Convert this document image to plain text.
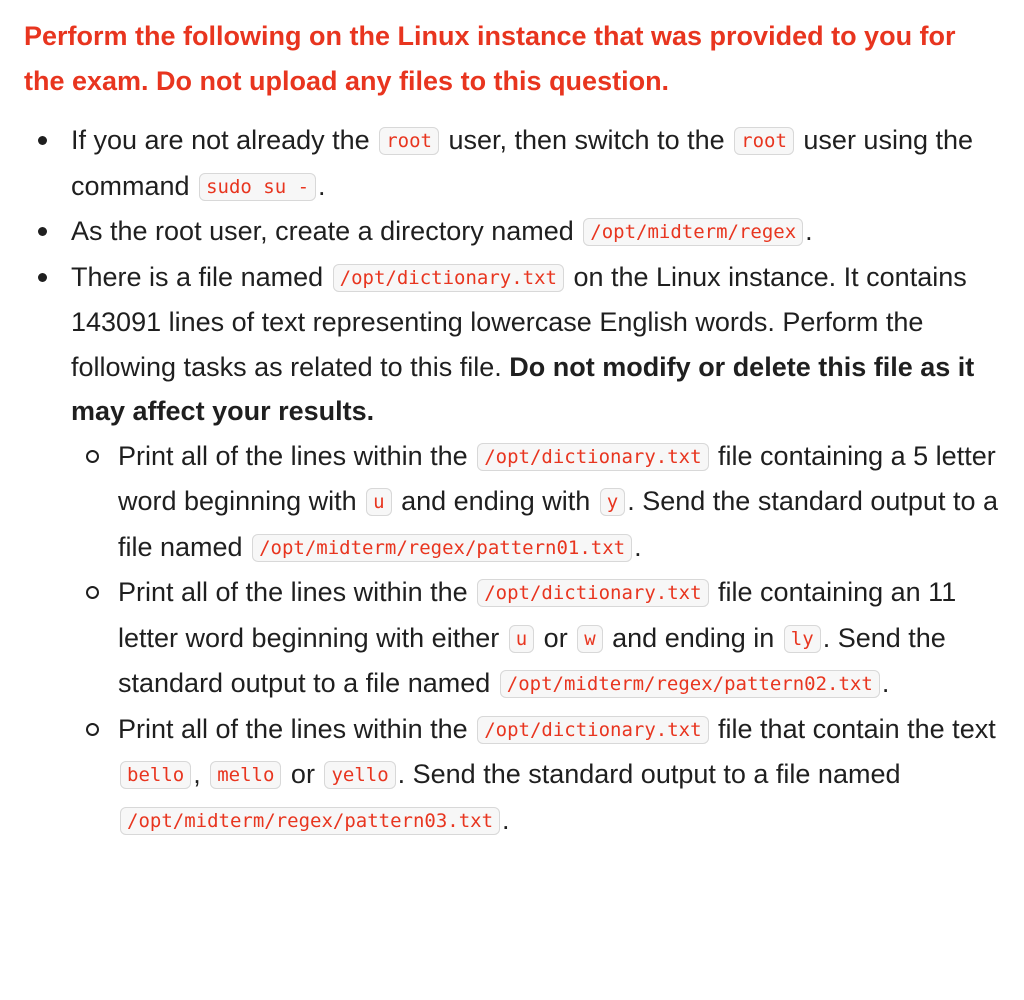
Perform the following on the Linux instance that was provided to you for the exam. Do not upload any files to this question.
If you are not already the root user, then switch to the root user using the command sudo su - .
As the root user, create a directory named /opt/midterm/regex .
There is a file named /opt/dictionary.txt on the Linux instance. It contains 143091 lines of text representing lowercase English words. Perform the following tasks as related to this file. Do not modify or delete this file as it may affect your results.
Print all of the lines within the /opt/dictionary.txt file containing a 5 letter word beginning with u and ending with y . Send the standard output to a file named /opt/midterm/regex/pattern01.txt .
Print all of the lines within the /opt/dictionary.txt file containing an 11 letter word beginning with either u or w and ending in ly . Send the standard output to a file named /opt/midterm/regex/pattern02.txt .
Print all of the lines within the /opt/dictionary.txt file that contain the text bello , mello or yello . Send the standard output to a file named /opt/midterm/regex/pattern03.txt .
